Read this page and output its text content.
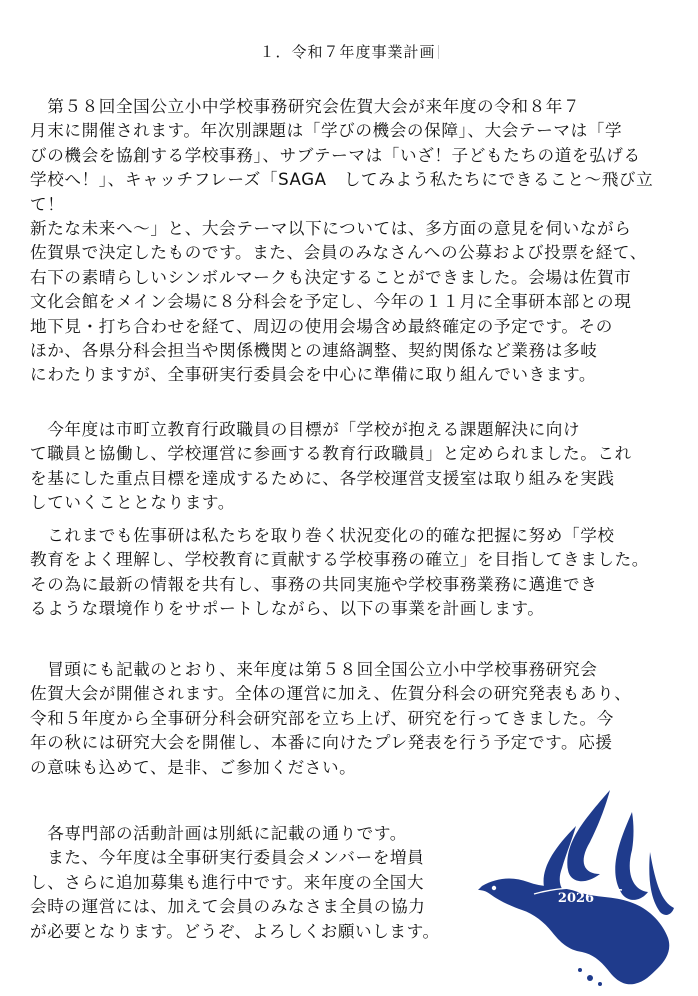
１．令和７年度事業計画

　第５８回全国公立小中学校事務研究会佐賀大会が来年度の令和８年７
月末に開催されます。年次別課題は「学びの機会の保障」、大会テーマは「学
びの機会を協創する学校事務」、サブテーマは「いざ！子どもたちの道を弘げる
学校へ！」、キャッチフレーズ「SAGA　してみよう私たちにできること～飛び立て！
新たな未来へ～」と、大会テーマ以下については、多方面の意見を伺いながら
佐賀県で決定したものです。また、会員のみなさんへの公募および投票を経て、
右下の素晴らしいシンボルマークも決定することができました。会場は佐賀市
文化会館をメイン会場に８分科会を予定し、今年の１１月に全事研本部との現
地下見・打ち合わせを経て、周辺の使用会場含め最終確定の予定です。その
ほか、各県分科会担当や関係機関との連絡調整、契約関係など業務は多岐
にわたりますが、全事研実行委員会を中心に準備に取り組んでいきます。

　今年度は市町立教育行政職員の目標が「学校が抱える課題解決に向け
て職員と協働し、学校運営に参画する教育行政職員」と定められました。これ
を基にした重点目標を達成するために、各学校運営支援室は取り組みを実践
していくこととなります。

　これまでも佐事研は私たちを取り巻く状況変化の的確な把握に努め「学校
教育をよく理解し、学校教育に貢献する学校事務の確立」を目指してきました。
その為に最新の情報を共有し、事務の共同実施や学校事務業務に邁進でき
るような環境作りをサポートしながら、以下の事業を計画します。

　冒頭にも記載のとおり、来年度は第５８回全国公立小中学校事務研究会
佐賀大会が開催されます。全体の運営に加え、佐賀分科会の研究発表もあり、
令和５年度から全事研分科会研究部を立ち上げ、研究を行ってきました。今
年の秋には研究大会を開催し、本番に向けたプレ発表を行う予定です。応援
の意味も込めて、是非、ご参加ください。

　各専門部の活動計画は別紙に記載の通りです。
　また、今年度は全事研実行委員会メンバーを増員
し、さらに追加募集も進行中です。来年度の全国大
会時の運営には、加えて会員のみなさま全員の協力
が必要となります。どうぞ、よろしくお願いします。

2026
SAGA
